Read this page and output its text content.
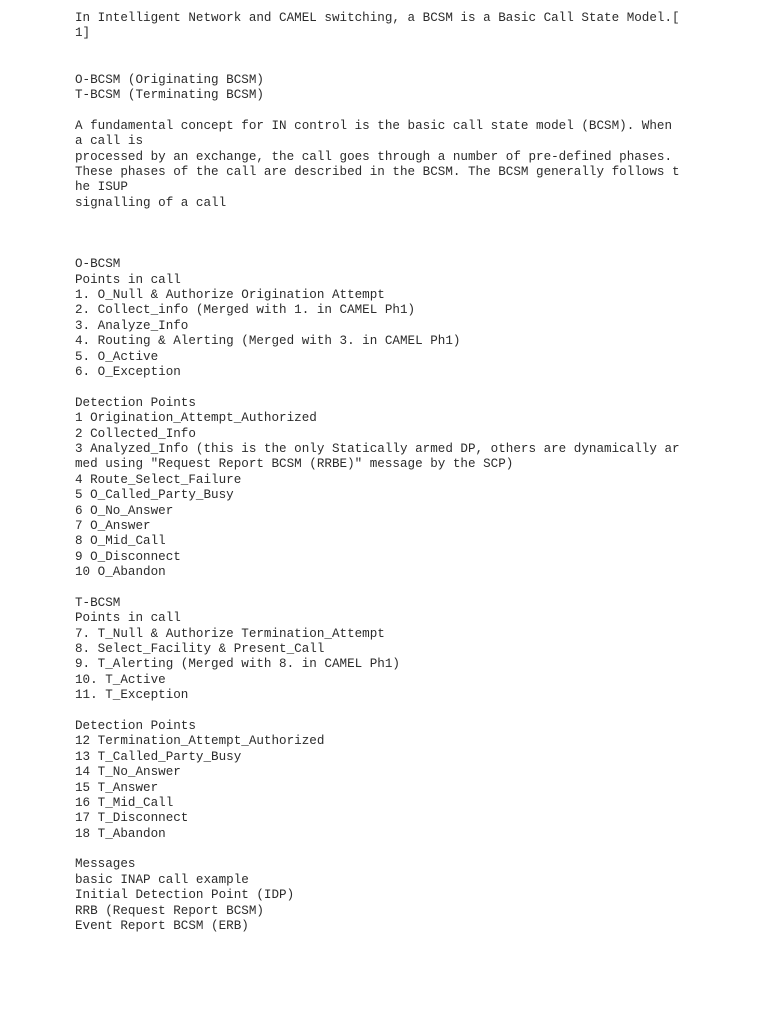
In Intelligent Network and CAMEL switching, a BCSM is a Basic Call State Model.[
1]
O-BCSM (Originating BCSM)
T-BCSM (Terminating BCSM)
A fundamental concept for IN control is the basic call state model (BCSM). When
a call is
processed by an exchange, the call goes through a number of pre-defined phases.
These phases of the call are described in the BCSM. The BCSM generally follows t
he ISUP
signalling of a call
O-BCSM
Points in call
1. O_Null & Authorize Origination Attempt
2. Collect_info (Merged with 1. in CAMEL Ph1)
3. Analyze_Info
4. Routing & Alerting (Merged with 3. in CAMEL Ph1)
5. O_Active
6. O_Exception
Detection Points
1 Origination_Attempt_Authorized
2 Collected_Info
3 Analyzed_Info (this is the only Statically armed DP, others are dynamically ar
med using "Request Report BCSM (RRBE)" message by the SCP)
4 Route_Select_Failure
5 O_Called_Party_Busy
6 O_No_Answer
7 O_Answer
8 O_Mid_Call
9 O_Disconnect
10 O_Abandon
T-BCSM
Points in call
7. T_Null & Authorize Termination_Attempt
8. Select_Facility & Present_Call
9. T_Alerting (Merged with 8. in CAMEL Ph1)
10. T_Active
11. T_Exception
Detection Points
12 Termination_Attempt_Authorized
13 T_Called_Party_Busy
14 T_No_Answer
15 T_Answer
16 T_Mid_Call
17 T_Disconnect
18 T_Abandon
Messages
basic INAP call example
Initial Detection Point (IDP)
RRB (Request Report BCSM)
Event Report BCSM (ERB)
